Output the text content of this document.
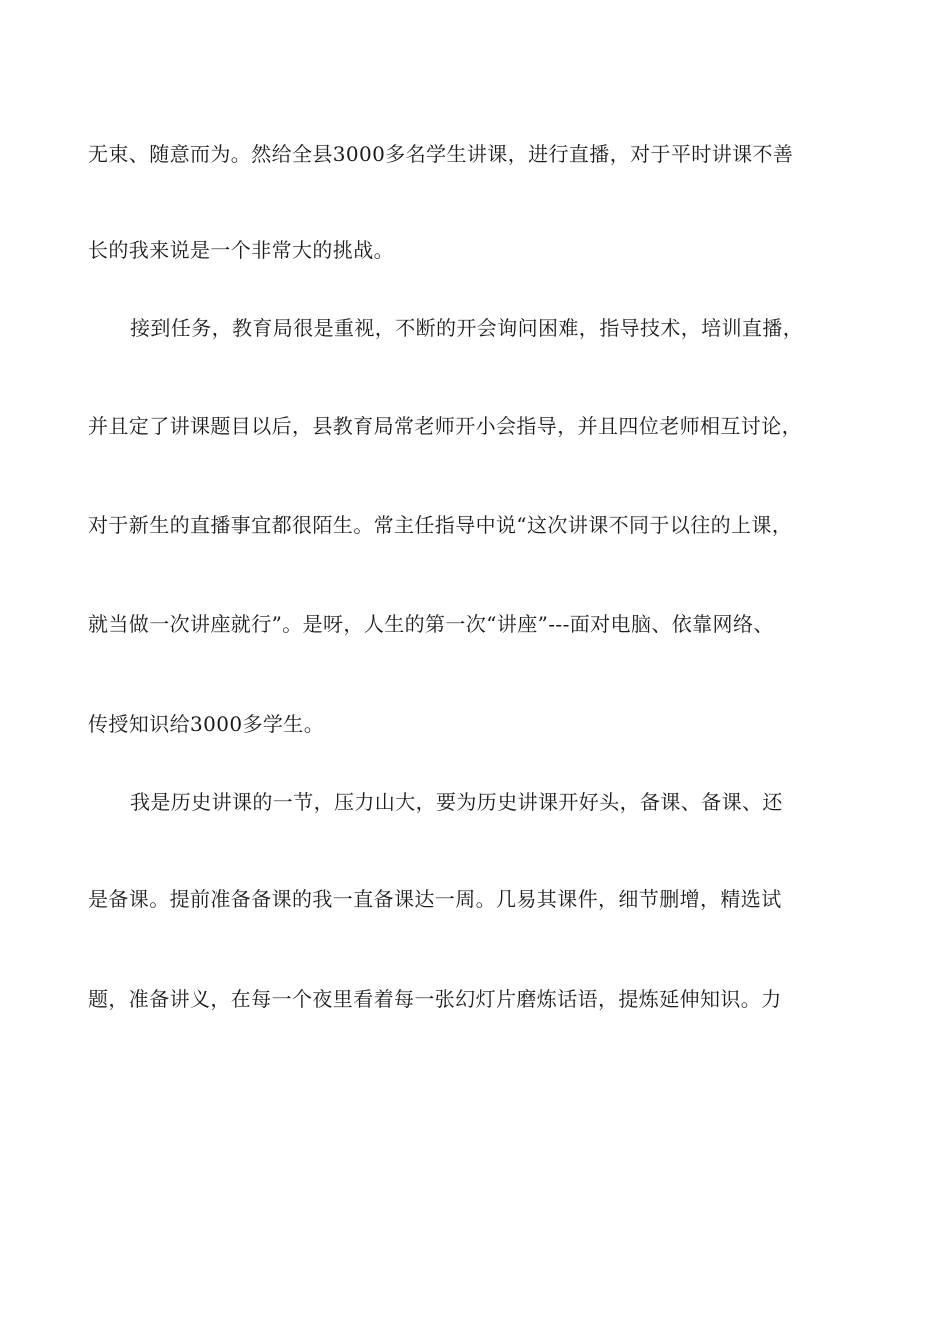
无束、随意而为。然给全县3000多名学生讲课，进行直播，对于平时讲课不善
长的我来说是一个非常大的挑战。
接到任务，教育局很是重视，不断的开会询问困难，指导技术，培训直播，
并且定了讲课题目以后，县教育局常老师开小会指导，并且四位老师相互讨论，
对于新生的直播事宜都很陌生。常主任指导中说“这次讲课不同于以往的上课，
就当做一次讲座就行”。是呀，人生的第一次“讲座”---面对电脑、依靠网络、
传授知识给3000多学生。
我是历史讲课的一节，压力山大，要为历史讲课开好头，备课、备课、还
是备课。提前准备备课的我一直备课达一周。几易其课件，细节删增，精选试
题，准备讲义，在每一个夜里看着每一张幻灯片磨炼话语，提炼延伸知识。力
